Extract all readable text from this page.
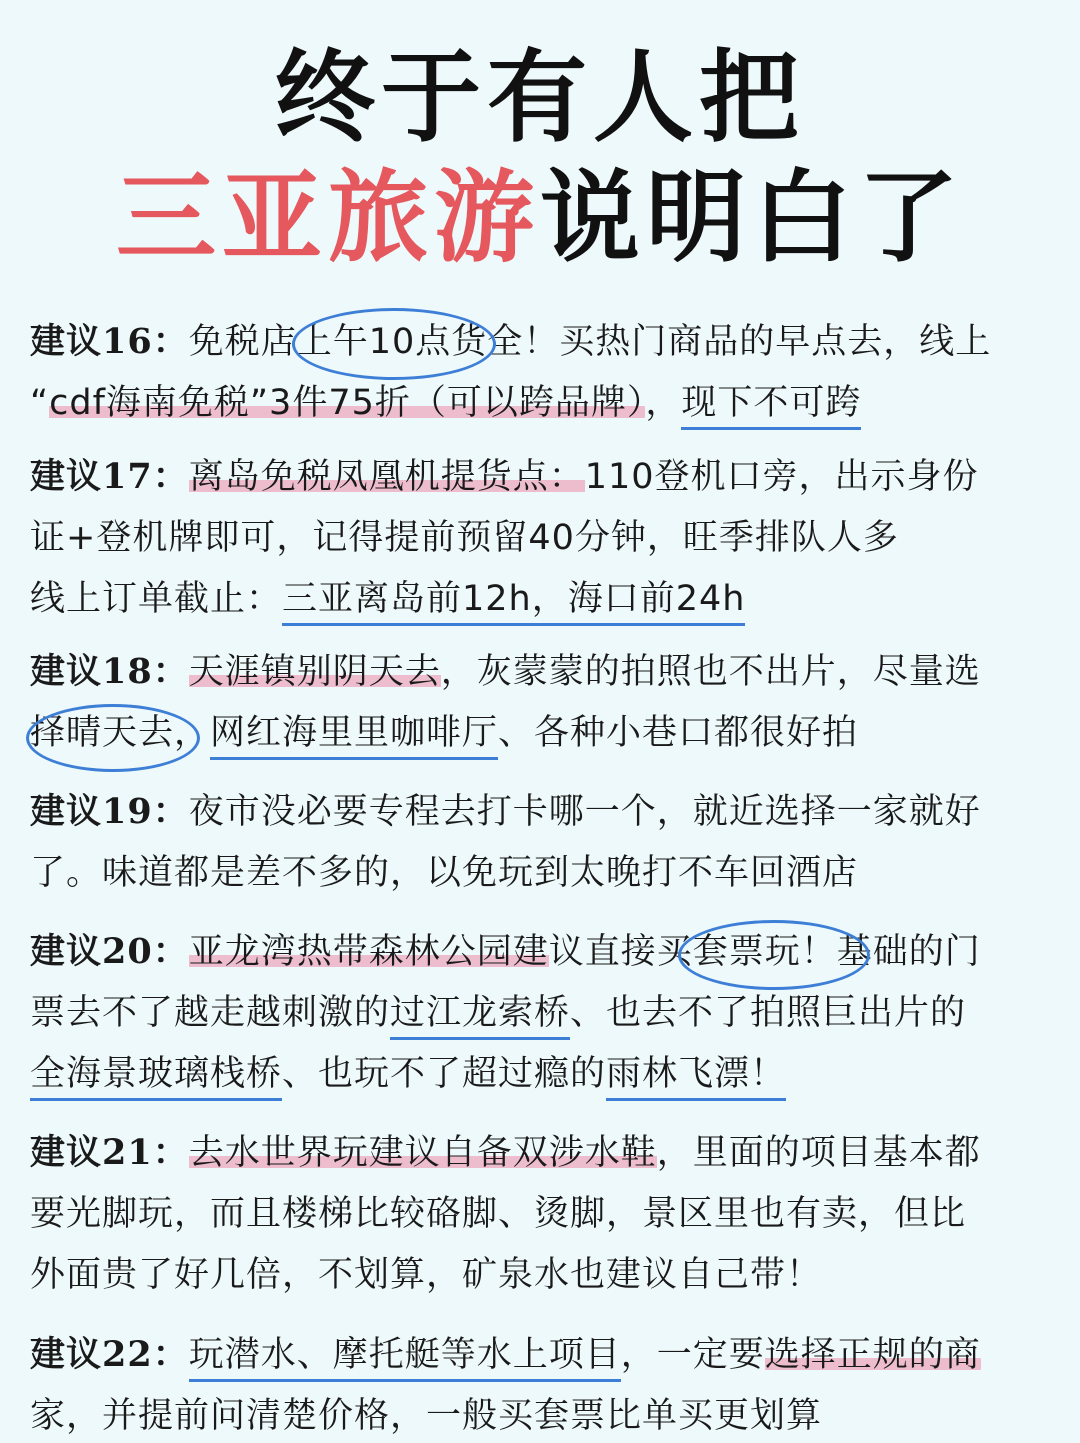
终于有人把
三亚旅游说明白了
建议16：免税店上午10点货全！买热门商品的早点去，线上
“cdf海南免税”3件75折（可以跨品牌），现下不可跨
建议17：离岛免税凤凰机提货点：110登机口旁，出示身份
证+登机牌即可，记得提前预留40分钟，旺季排队人多
线上订单截止：三亚离岛前12h，海口前24h
建议18：天涯镇别阴天去，灰蒙蒙的拍照也不出片，尽量选
择晴天去，网红海里里咖啡厅、各种小巷口都很好拍
建议19：夜市没必要专程去打卡哪一个，就近选择一家就好
了。味道都是差不多的，以免玩到太晚打不车回酒店
建议20：亚龙湾热带森林公园建议直接买套票玩！基础的门
票去不了越走越刺激的过江龙索桥、也去不了拍照巨出片的
全海景玻璃栈桥、也玩不了超过瘾的雨林飞漂！
建议21：去水世界玩建议自备双涉水鞋，里面的项目基本都
要光脚玩，而且楼梯比较硌脚、烫脚，景区里也有卖，但比
外面贵了好几倍，不划算，矿泉水也建议自己带！
建议22：玩潜水、摩托艇等水上项目，一定要选择正规的商
家，并提前问清楚价格，一般买套票比单买更划算
